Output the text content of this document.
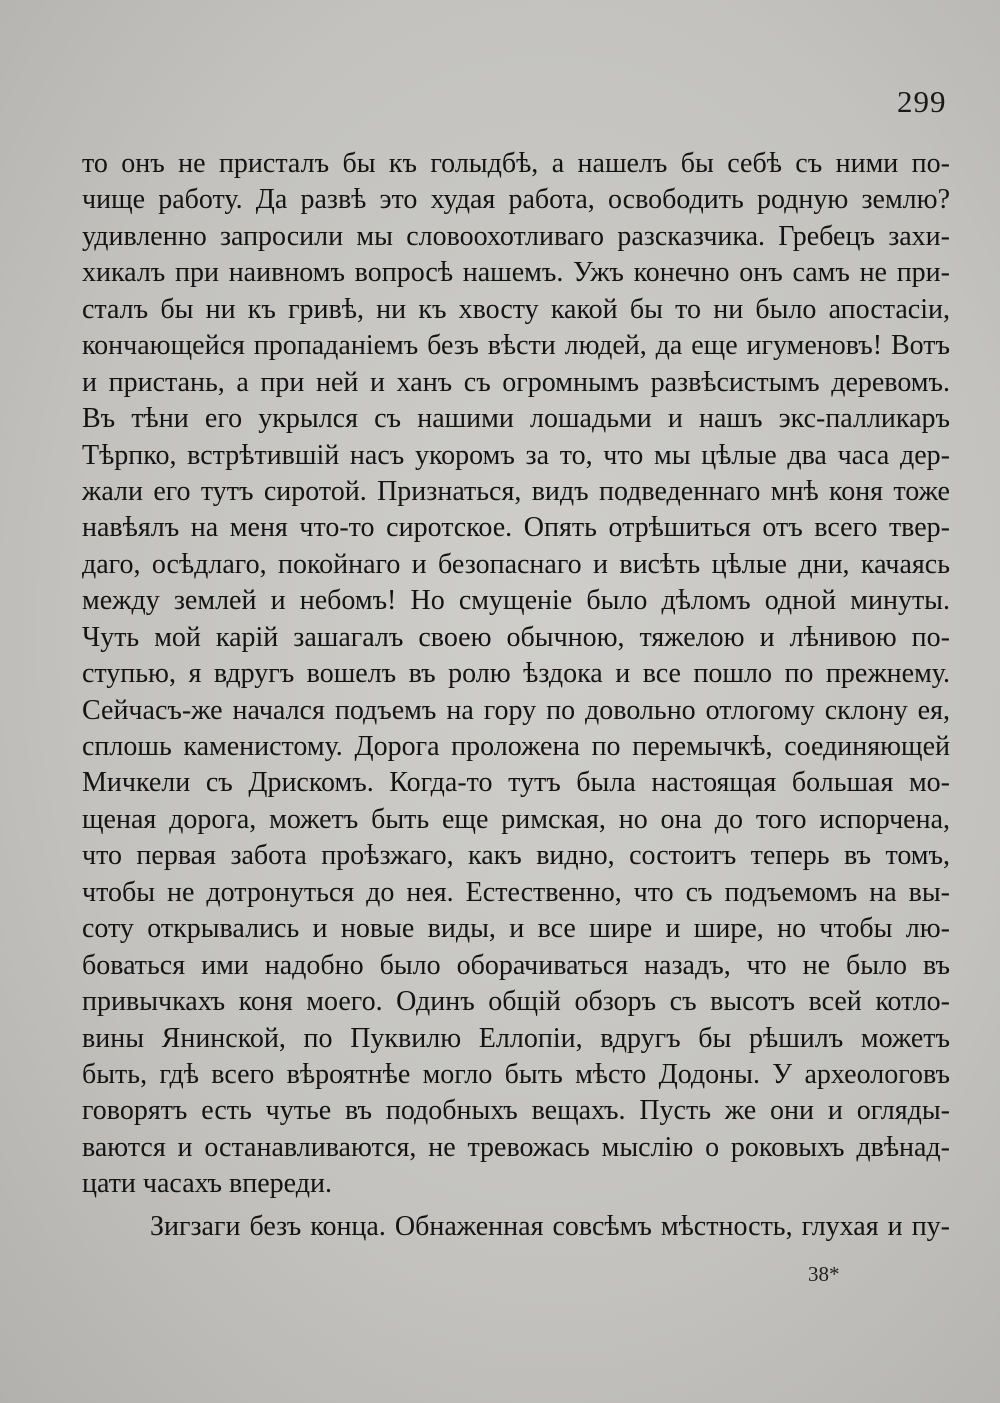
299
то онъ не присталъ бы къ голыдбѣ, а нашелъ бы себѣ съ ними по-
чище работу. Да развѣ это худая работа, освободить родную землю?
удивленно запросили мы словоохотливаго разсказчика. Гребецъ захи-
хикалъ при наивномъ вопросѣ нашемъ. Ужъ конечно онъ самъ не при-
сталъ бы ни къ гривѣ, ни къ хвосту какой бы то ни было апостасіи,
кончающейся пропаданіемъ безъ вѣсти людей, да еще игуменовъ! Вотъ
и пристань, а при ней и ханъ съ огромнымъ развѣсистымъ деревомъ.
Въ тѣни его укрылся съ нашими лошадьми и нашъ экс-палликаръ
Тѣрпко, встрѣтившій насъ укоромъ за то, что мы цѣлые два часа дер-
жали его тутъ сиротой. Признаться, видъ подведеннаго мнѣ коня тоже
навѣялъ на меня что-то сиротское. Опять отрѣшиться отъ всего твер-
даго, осѣдлаго, покойнаго и безопаснаго и висѣть цѣлые дни, качаясь
между землей и небомъ! Но смущеніе было дѣломъ одной минуты.
Чуть мой карій зашагалъ своею обычною, тяжелою и лѣнивою по-
ступью, я вдругъ вошелъ въ ролю ѣздока и все пошло по прежнему.
Сейчасъ-же начался подъемъ на гору по довольно отлогому склону ея,
сплошь каменистому. Дорога проложена по перемычкѣ, соединяющей
Мичкели съ Дрискомъ. Когда-то тутъ была настоящая большая мо-
щеная дорога, можетъ быть еще римская, но она до того испорчена,
что первая забота проѣзжаго, какъ видно, состоитъ теперь въ томъ,
чтобы не дотронуться до нея. Естественно, что съ подъемомъ на вы-
соту открывались и новые виды, и все шире и шире, но чтобы лю-
боваться ими надобно было оборачиваться назадъ, что не было въ
привычкахъ коня моего. Одинъ общій обзоръ съ высотъ всей котло-
вины Янинской, по Пуквилю Еллопіи, вдругъ бы рѣшилъ можетъ
быть, гдѣ всего вѣроятнѣе могло быть мѣсто Додоны. У археологовъ
говорятъ есть чутье въ подобныхъ вещахъ. Пусть же они и огляды-
ваются и останавливаются, не тревожась мыслію о роковыхъ двѣнад-
цати часахъ впереди.
Зигзаги безъ конца. Обнаженная совсѣмъ мѣстность, глухая и пу-
38*
